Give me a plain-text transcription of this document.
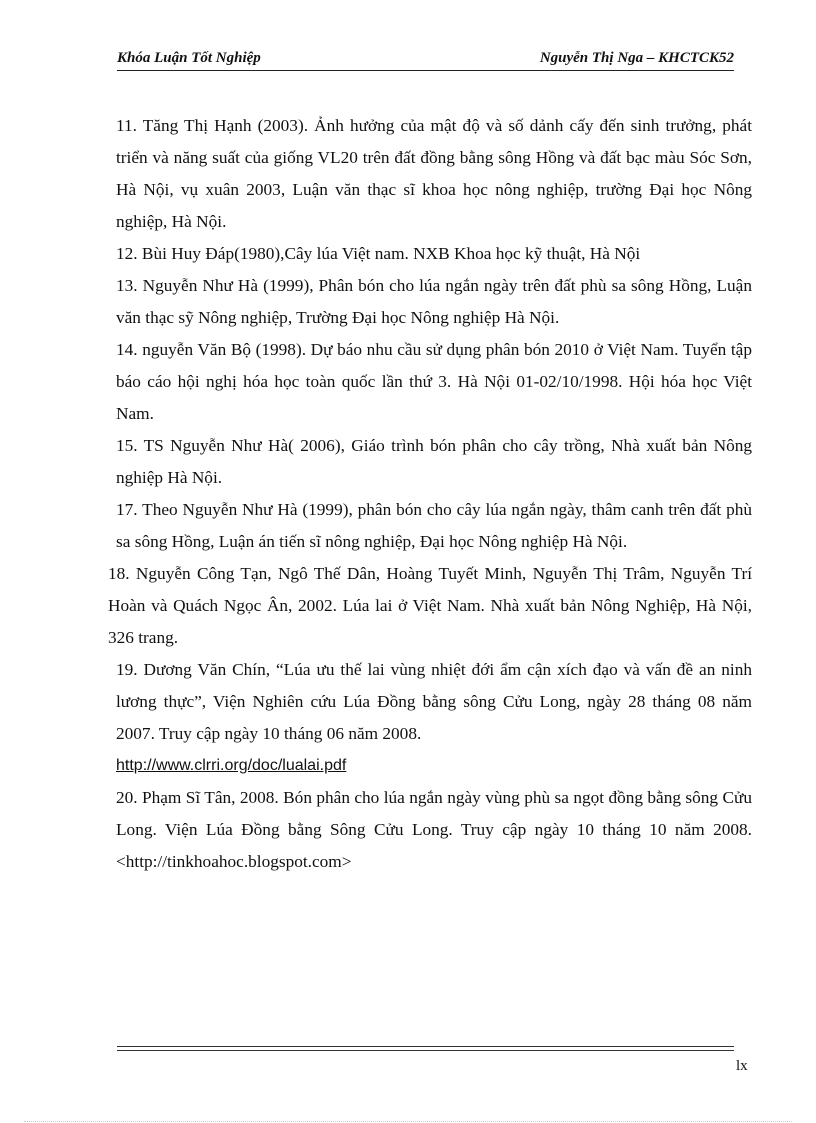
Khóa Luận Tốt Nghiệp	Nguyễn Thị Nga – KHCTCK52

11. Tăng Thị Hạnh (2003). Ảnh hưởng của mật độ và số dảnh cấy đến sinh trưởng, phát triển và năng suất của giống VL20 trên đất đồng bằng sông Hồng và đất bạc màu Sóc Sơn, Hà Nội, vụ xuân 2003, Luận văn thạc sĩ khoa học nông nghiệp, trường Đại học Nông nghiệp, Hà Nội.

12. Bùi Huy Đáp(1980),Cây lúa Việt nam. NXB Khoa học kỹ thuật, Hà Nội

13. Nguyễn Như Hà (1999), Phân bón cho lúa ngắn ngày trên đất phù sa sông Hồng, Luận văn thạc sỹ Nông nghiệp, Trường Đại học Nông nghiệp Hà Nội.

14. nguyễn Văn Bộ (1998). Dự báo nhu cầu sử dụng phân bón 2010 ở Việt Nam. Tuyển tập báo cáo hội nghị hóa học toàn quốc lần thứ 3. Hà Nội 01-02/10/1998. Hội hóa học Việt Nam.

15. TS Nguyễn Như Hà( 2006), Giáo trình bón phân cho cây trồng, Nhà xuất bản Nông nghiệp Hà Nội.

17. Theo Nguyễn Như Hà (1999), phân bón cho cây lúa ngắn ngày, thâm canh trên đất phù sa sông Hồng, Luận án tiến sĩ nông nghiệp, Đại học Nông nghiệp Hà Nội.

18. Nguyễn Công Tạn, Ngô Thế Dân, Hoàng Tuyết Minh, Nguyễn Thị Trâm, Nguyễn Trí Hoàn và Quách Ngọc Ân, 2002. Lúa lai ở Việt Nam. Nhà xuất bản Nông Nghiệp, Hà Nội, 326 trang.

19. Dương Văn Chín, “Lúa ưu thế lai vùng nhiệt đới ẩm cận xích đạo và vấn đề an ninh lương thực”, Viện Nghiên cứu Lúa Đồng bằng sông Cửu Long, ngày 28 tháng 08 năm 2007. Truy cập ngày 10 tháng 06 năm 2008.

http://www.clrri.org/doc/lualai.pdf

20. Phạm Sĩ Tân, 2008. Bón phân cho lúa ngắn ngày vùng phù sa ngọt đồng bằng sông Cửu Long. Viện Lúa Đồng bằng Sông Cửu Long. Truy cập ngày 10 tháng 10 năm 2008. <http://tinkhoahoc.blogspot.com>

lx
